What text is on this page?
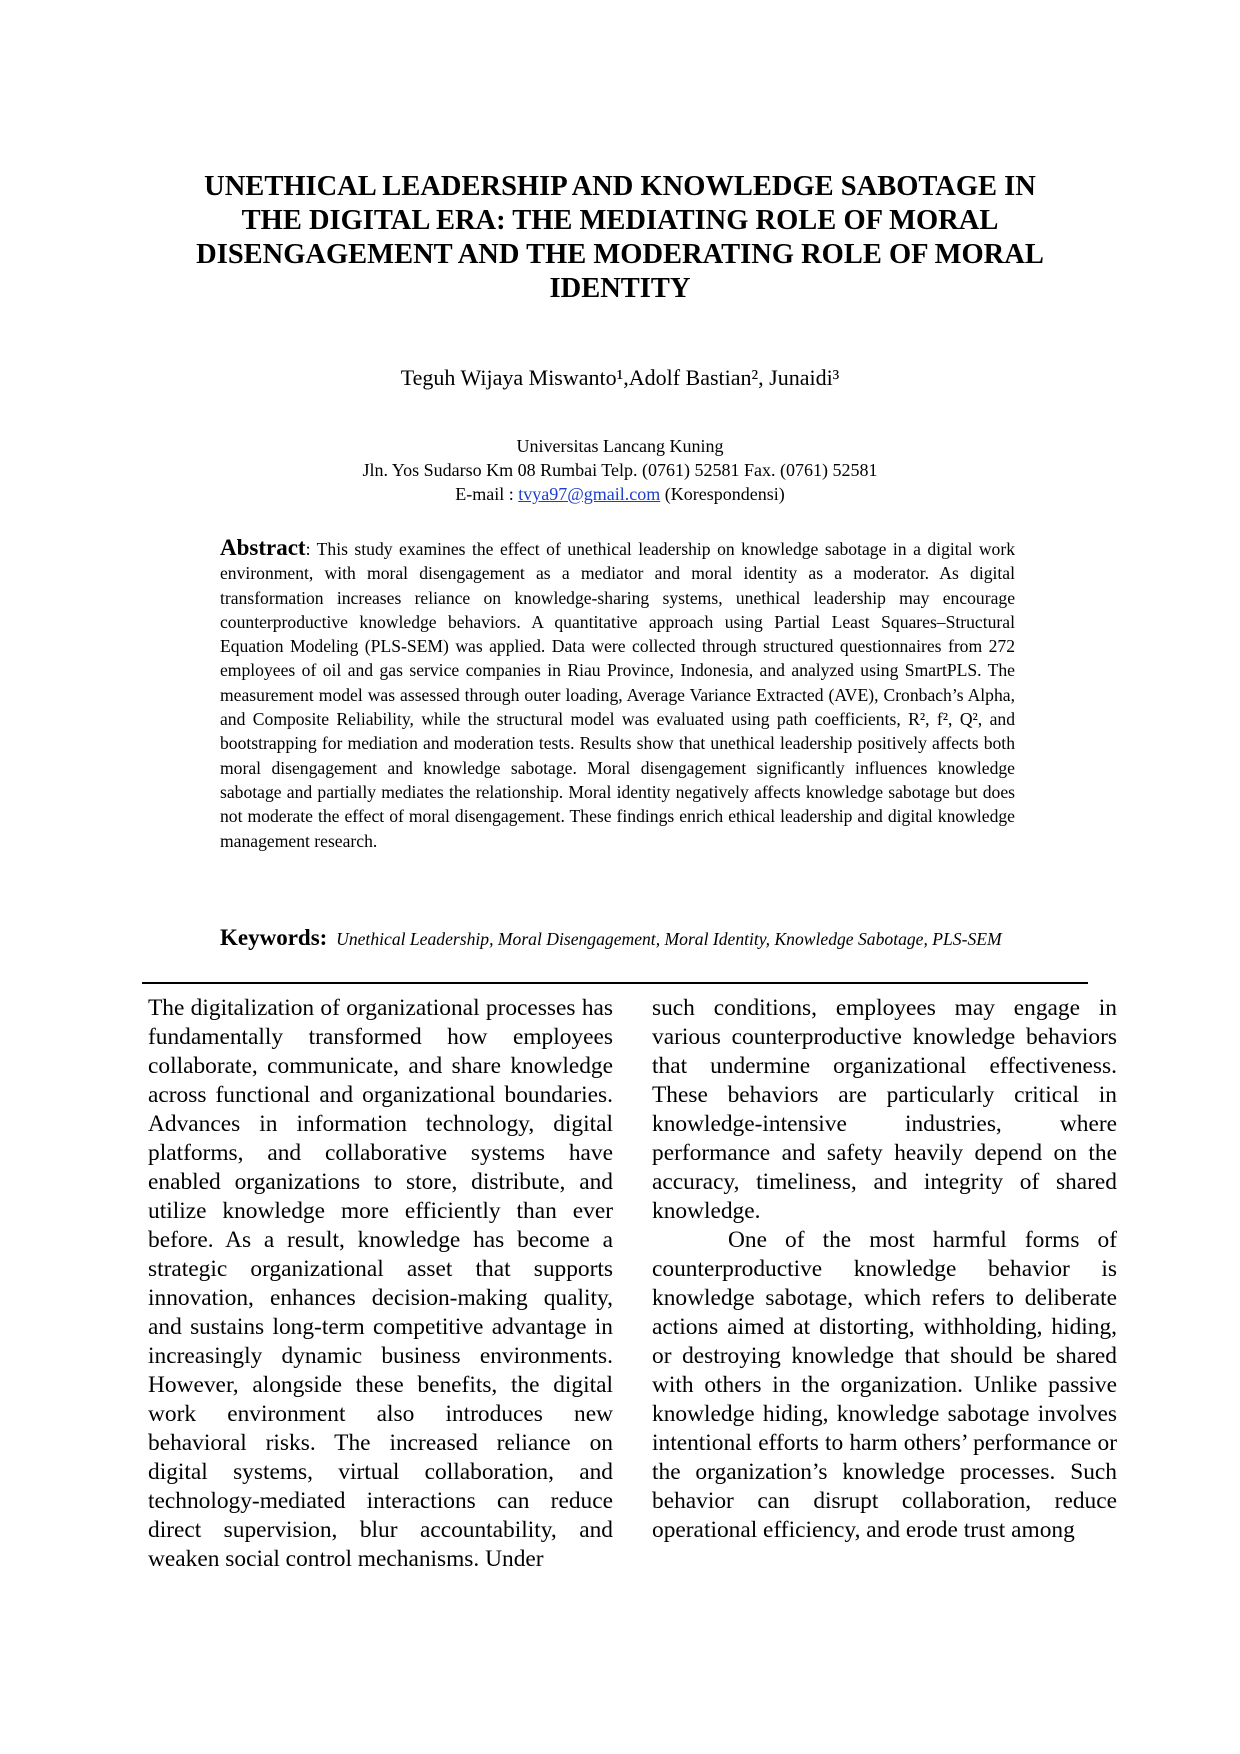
UNETHICAL LEADERSHIP AND KNOWLEDGE SABOTAGE IN
THE DIGITAL ERA: THE MEDIATING ROLE OF MORAL
DISENGAGEMENT AND THE MODERATING ROLE OF MORAL
IDENTITY
Teguh Wijaya Miswanto¹,Adolf Bastian², Junaidi³
Universitas Lancang Kuning
Jln. Yos Sudarso Km 08 Rumbai Telp. (0761) 52581 Fax. (0761) 52581
E-mail : tvya97@gmail.com (Korespondensi)
Abstract: This study examines the effect of unethical leadership on knowledge sabotage in a digital work environment, with moral disengagement as a mediator and moral identity as a moderator. As digital transformation increases reliance on knowledge-sharing systems, unethical leadership may encourage counterproductive knowledge behaviors. A quantitative approach using Partial Least Squares–Structural Equation Modeling (PLS-SEM) was applied. Data were collected through structured questionnaires from 272 employees of oil and gas service companies in Riau Province, Indonesia, and analyzed using SmartPLS. The measurement model was assessed through outer loading, Average Variance Extracted (AVE), Cronbach’s Alpha, and Composite Reliability, while the structural model was evaluated using path coefficients, R², f², Q², and bootstrapping for mediation and moderation tests. Results show that unethical leadership positively affects both moral disengagement and knowledge sabotage. Moral disengagement significantly influences knowledge sabotage and partially mediates the relationship. Moral identity negatively affects knowledge sabotage but does not moderate the effect of moral disengagement. These findings enrich ethical leadership and digital knowledge management research.
Keywords: Unethical Leadership, Moral Disengagement, Moral Identity, Knowledge Sabotage, PLS-SEM

The digitalization of organizational processes has fundamentally transformed how employees collaborate, communicate, and share knowledge across functional and organizational boundaries. Advances in information technology, digital platforms, and collaborative systems have enabled organizations to store, distribute, and utilize knowledge more efficiently than ever before. As a result, knowledge has become a strategic organizational asset that supports innovation, enhances decision-making quality, and sustains long-term competitive advantage in increasingly dynamic business environments. However, alongside these benefits, the digital work environment also introduces new behavioral risks. The increased reliance on digital systems, virtual collaboration, and technology-mediated interactions can reduce direct supervision, blur accountability, and weaken social control mechanisms. Under

such conditions, employees may engage in various counterproductive knowledge behaviors that undermine organizational effectiveness. These behaviors are particularly critical in knowledge-intensive industries, where performance and safety heavily depend on the accuracy, timeliness, and integrity of shared knowledge.

One of the most harmful forms of counterproductive knowledge behavior is knowledge sabotage, which refers to deliberate actions aimed at distorting, withholding, hiding, or destroying knowledge that should be shared with others in the organization. Unlike passive knowledge hiding, knowledge sabotage involves intentional efforts to harm others’ performance or the organization’s knowledge processes. Such behavior can disrupt collaboration, reduce operational efficiency, and erode trust among
